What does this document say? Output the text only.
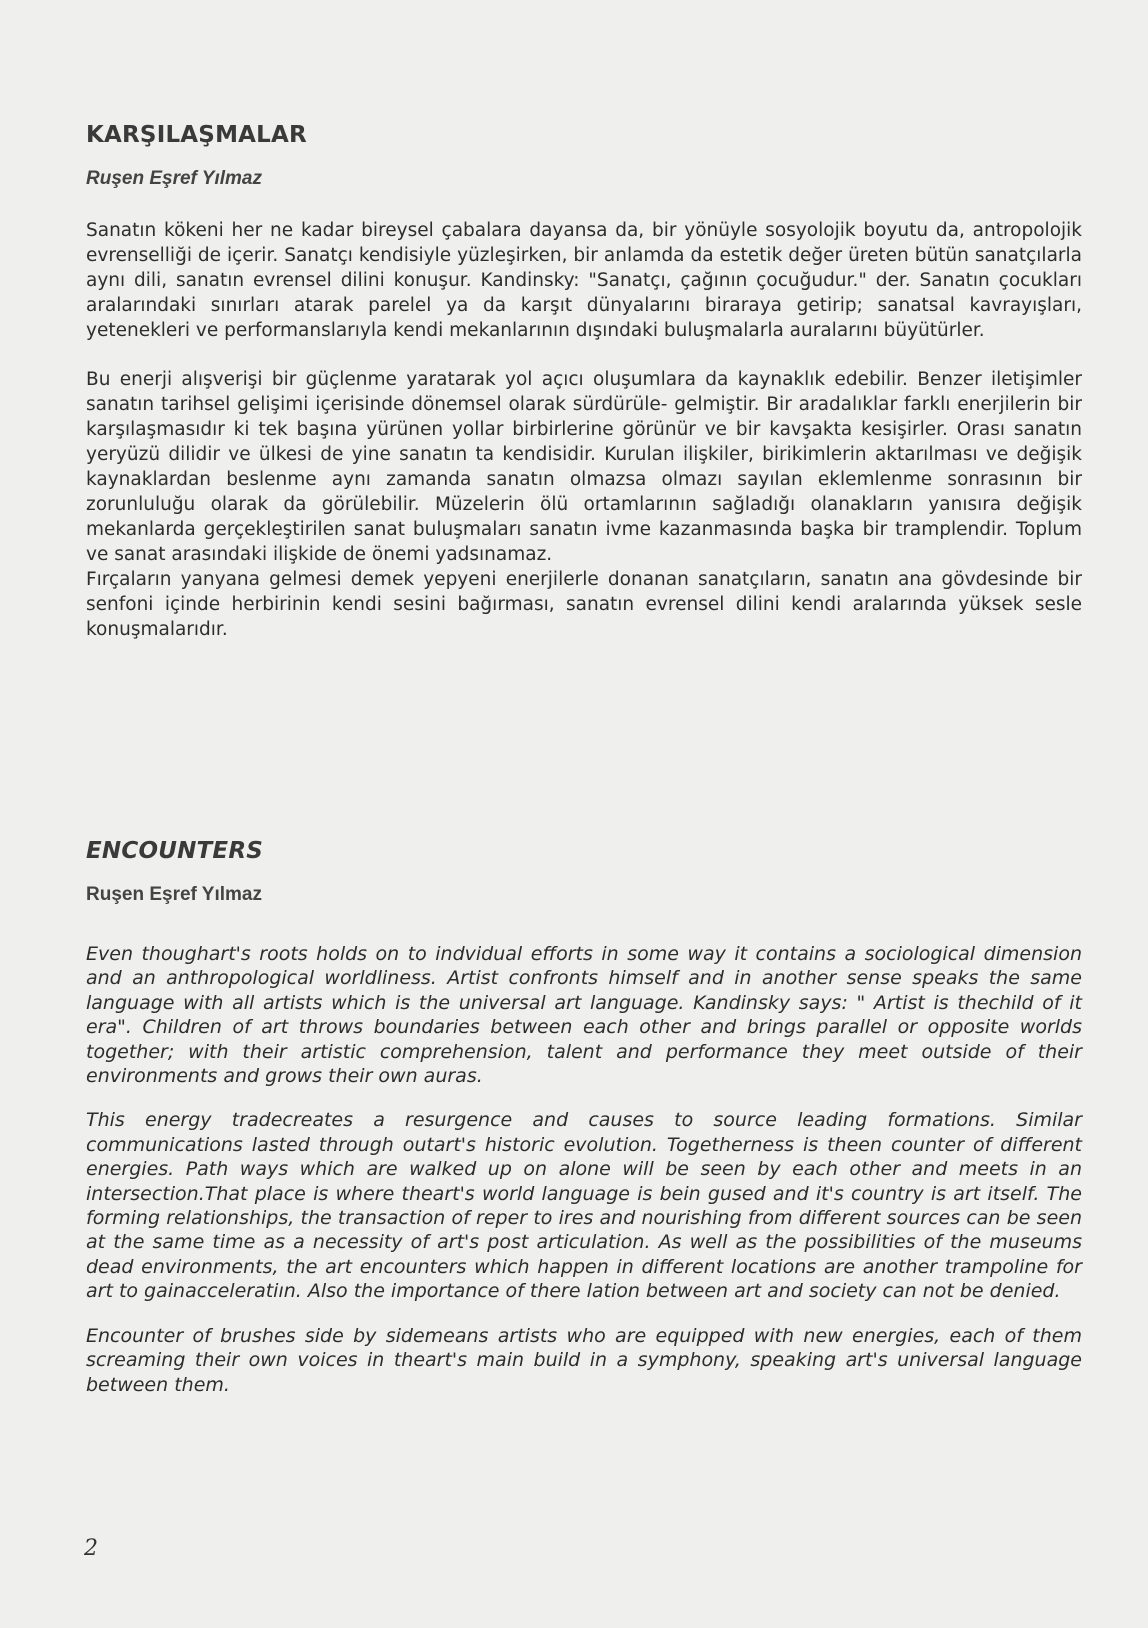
KARŞILAŞMALAR
Ruşen Eşref Yılmaz

Sanatın kökeni her ne kadar bireysel çabalara dayansa da, bir yönüyle sosyolojik boyutu da, antropolojik evrenselliği de içerir. Sanatçı kendisiyle yüzleşirken, bir anlamda da estetik değer üreten bütün sanatçılarla aynı dili, sanatın evrensel dilini konuşur. Kandinsky: "Sanatçı, çağının çocuğudur." der. Sanatın çocukları aralarındaki sınırları atarak parelel ya da karşıt dünyalarını biraraya getirip; sanatsal kavrayışları, yetenekleri ve performanslarıyla kendi mekanlarının dışındaki buluşmalarla auralarını büyütürler.

Bu enerji alışverişi bir güçlenme yaratarak yol açıcı oluşumlara da kaynaklık edebilir. Benzer iletişimler sanatın tarihsel gelişimi içerisinde dönemsel olarak sürdürüle- gelmiştir. Bir aradalıklar farklı enerjilerin bir karşılaşmasıdır ki tek başına yürünen yollar birbirlerine görünür ve bir kavşakta kesişirler. Orası sanatın yeryüzü dilidir ve ülkesi de yine sanatın ta kendisidir. Kurulan ilişkiler, birikimlerin aktarılması ve değişik kaynaklardan beslenme aynı zamanda sanatın olmazsa olmazı sayılan eklemlenme sonrasının bir zorunluluğu olarak da görülebilir. Müzelerin ölü ortamlarının sağladığı olanakların yanısıra değişik mekanlarda gerçekleştirilen sanat buluşmaları sanatın ivme kazanmasında başka bir tramplendir. Toplum ve sanat arasındaki ilişkide de önemi yadsınamaz.

Fırçaların yanyana gelmesi demek yepyeni enerjilerle donanan sanatçıların, sanatın ana gövdesinde bir senfoni içinde herbirinin kendi sesini bağırması, sanatın evrensel dilini kendi aralarında yüksek sesle konuşmalarıdır.

ENCOUNTERS
Ruşen Eşref Yılmaz

Even thoughart's roots holds on to indvidual efforts in some way it contains a sociological dimension and an anthropological worldliness. Artist confronts himself and in another sense speaks the same language with all artists which is the universal art language. Kandinsky says: " Artist is thechild of it era". Children of art throws boundaries between each other and brings parallel or opposite worlds together; with their artistic comprehension, talent and performance they meet outside of their environments and grows their own auras.

This energy tradecreates a resurgence and causes to source leading formations. Similar communications lasted through outart's historic evolution. Togetherness is theen counter of different energies. Path ways which are walked up on alone will be seen by each other and meets in an intersection.That place is where theart's world language is bein gused and it's country is art itself. The forming relationships, the transaction of reper to ires and nourishing from different sources can be seen at the same time as a necessity of art's post articulation. As well as the possibilities of the museums dead environments, the art encounters which happen in different locations are another trampoline for art to gainacceleratiın. Also the importance of there lation between art and society can not be denied.

Encounter of brushes side by sidemeans artists who are equipped with new energies, each of them screaming their own voices in theart's main build in a symphony, speaking art's universal language between them.

2
